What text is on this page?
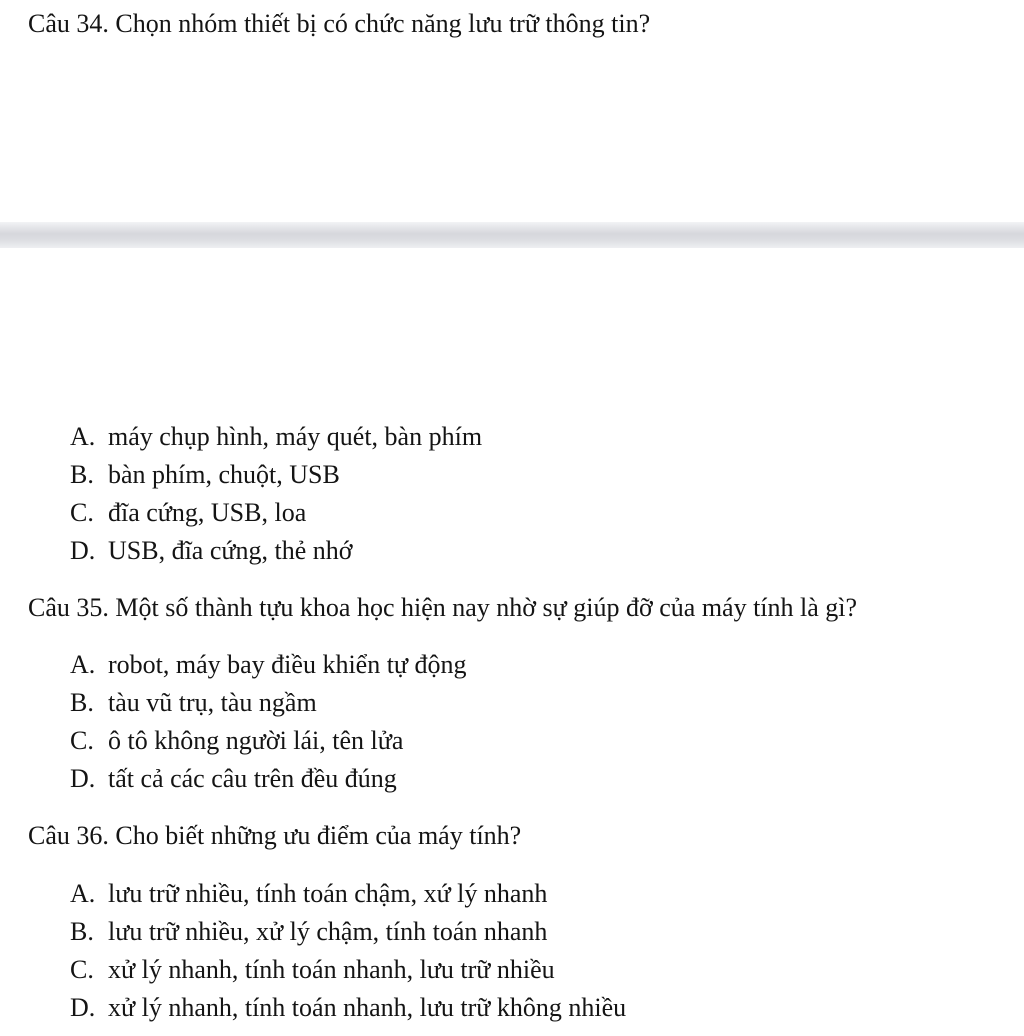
Câu 34. Chọn nhóm thiết bị có chức năng lưu trữ thông tin?
A. máy chụp hình, máy quét, bàn phím
B. bàn phím, chuột, USB
C. đĩa cứng, USB, loa
D. USB, đĩa cứng, thẻ nhớ
Câu 35. Một số thành tựu khoa học hiện nay nhờ sự giúp đỡ của máy tính là gì?
A. robot, máy bay điều khiển tự động
B. tàu vũ trụ, tàu ngầm
C. ô tô không người lái, tên lửa
D. tất cả các câu trên đều đúng
Câu 36. Cho biết những ưu điểm của máy tính?
A. lưu trữ nhiều, tính toán chậm, xứ lý nhanh
B. lưu trữ nhiều, xử lý chậm, tính toán nhanh
C. xử lý nhanh, tính toán nhanh, lưu trữ nhiều
D. xử lý nhanh, tính toán nhanh, lưu trữ không nhiều
